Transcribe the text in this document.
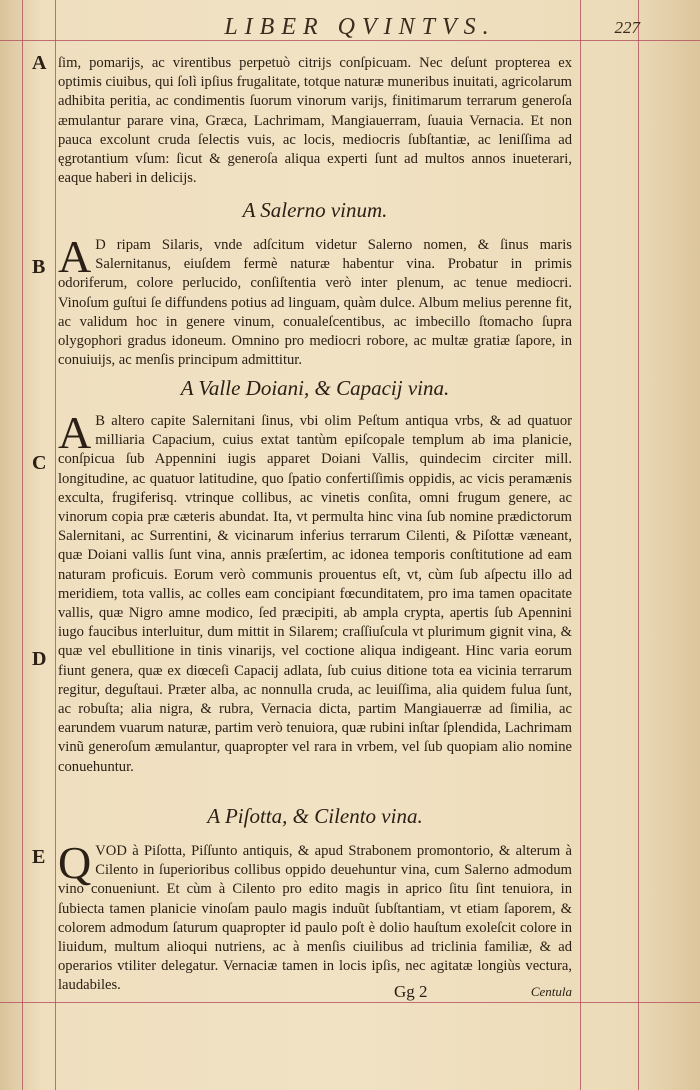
LIBER QVINTVS.	227
A
B
C
D
E
ſim, pomarijs, ac virentibus perpetuò citrijs conſpicuam. Nec deſunt propterea ex optimis ciuibus, qui ſolì ipſius frugalitate, totque naturæ muneribus inuitati, agricolarum adhibita peritia, ac condimentis ſuorum vinorum varijs, finitimarum terrarum generoſa æmulantur parare vina, Græca, Lachrimam, Mangiauerram, ſuauia Vernacia. Et non pauca excolunt cruda ſelectis vuis, ac locis, mediocris ſubſtantiæ, ac leniſſima ad ęgrotantium vſum: ſicut & generoſa aliqua experti ſunt ad multos annos inueterari, eaque haberi in delicijs.
A Salerno vinum.
A D ripam Silaris, vnde adſcitum videtur Salerno nomen, & ſinus maris Salernitanus, eiuſdem fermè naturæ habentur vina. Probatur in primis odoriferum, colore perlucido, conſiſtentia verò inter plenum, ac tenue mediocri. Vinoſum guſtui ſe diffundens potius ad linguam, quàm dulce. Album melius perenne fit, ac validum hoc in genere vinum, conualeſcentibus, ac imbecillo ſtomacho ſupra olygophori gradus idoneum. Omnino pro mediocri robore, ac multæ gratiæ ſapore, in conuiuijs, ac menſis principum admittitur.
A Valle Doiani, & Capacij vina.
A B altero capite Salernitani ſinus, vbi olim Peſtum antiqua vrbs, & ad quatuor milliaria Capacium, cuius extat tantùm epiſcopale templum ab ima planicie, conſpicua ſub Appennini iugis apparet Doiani Vallis, quindecim circiter mill. longitudine, ac quatuor latitudine, quo ſpatio confertiſſimis oppidis, ac vicis peramænis exculta, frugiferisq. vtrinque collibus, ac vinetis conſita, omni frugum genere, ac vinorum copia præ cæteris abundat. Ita, vt permulta hinc vina ſub nomine prædictorum Salernitani, ac Surrentini, & vicinarum inferius terrarum Cilenti, & Piſottæ væneant, quæ Doiani vallis ſunt vina, annis præſertim, ac idonea temporis conſtitutione ad eam naturam proficuis. Eorum verò communis prouentus eſt, vt, cùm ſub aſpectu illo ad meridiem, tota vallis, ac colles eam concipiant fœcunditatem, pro ima tamen opacitate vallis, quæ Nigro amne modico, ſed præcipiti, ab ampla crypta, apertis ſub Apennini iugo faucibus interluitur, dum mittit in Silarem; craſſiuſcula vt plurimum gignit vina, & quæ vel ebullitione in tinis vinarijs, vel coctione aliqua indigeant. Hinc varia eorum fiunt genera, quæ ex diœceſi Capacij adlata, ſub cuius ditione tota ea vicinia terrarum regitur, deguſtaui. Præter alba, ac nonnulla cruda, ac leuiſſima, alia quidem fulua ſunt, ac robuſta; alia nigra, & rubra, Vernacia dicta, partim Mangiauerræ ad ſimilia, ac earundem vuarum naturæ, partim verò tenuiora, quæ rubini inſtar ſplendida, Lachrimam vinũ generoſum æmulantur, quapropter vel rara in vrbem, vel ſub quopiam alio nomine conuehuntur.
A Piſotta, & Cilento vina.
QVOD à Piſotta, Piſſunto antiquis, & apud Strabonem promontorio, & alterum à Cilento in ſuperioribus collibus oppido deuehuntur vina, cum Salerno admodum vino conueniunt. Et cùm à Cilento pro edito magis in aprico ſitu ſint tenuiora, in ſubiecta tamen planicie vinoſam paulo magis induũt ſubſtantiam, vt etiam ſaporem, & colorem admodum ſaturum quapropter id paulo poſt è dolio hauſtum exoleſcit colore in liuidum, multum alioqui nutriens, ac à menſis ciuilibus ad triclinia familiæ, & ad operarios vtiliter delegatur. Vernaciæ tamen in locis ipſis, nec agitatæ longiùs vectura, laudabiles.	Gg 2	Centula
